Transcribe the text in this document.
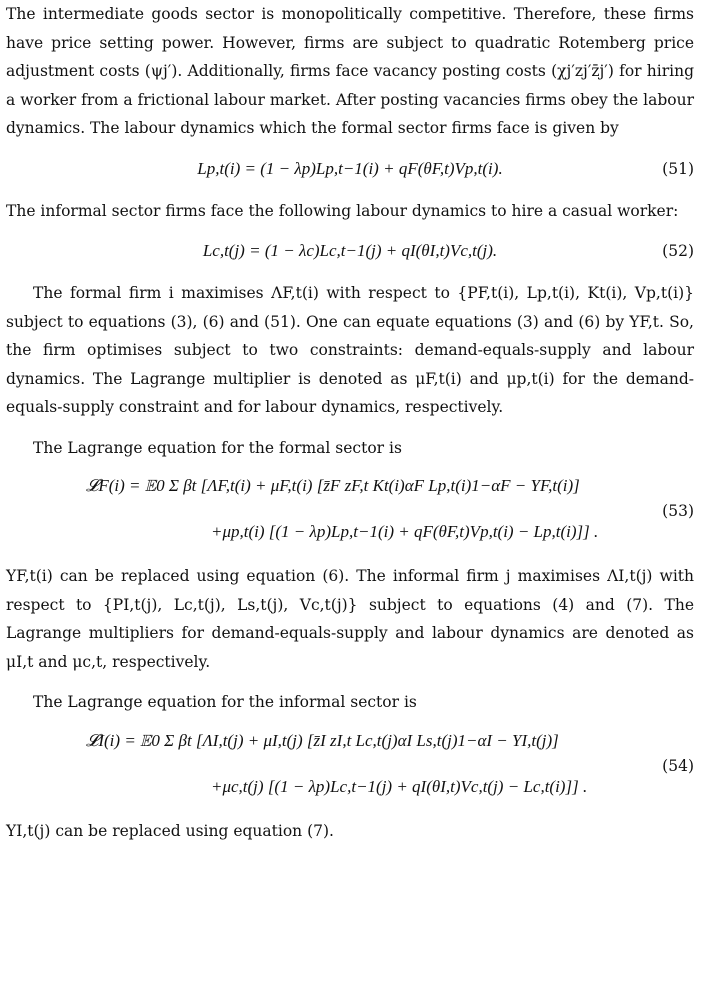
The intermediate goods sector is monopolitically competitive. Therefore, these firms have price setting power. However, firms are subject to quadratic Rotemberg price adjustment costs (ψj′). Additionally, firms face vacancy posting costs (χj′zj′z̄j′) for hiring a worker from a frictional labour market. After posting vacancies firms obey the labour dynamics. The labour dynamics which the formal sector firms face is given by

Lp,t(i) = (1 − λp)Lp,t−1(i) + qF(θF,t)Vp,t(i).	(51)

The informal sector firms face the following labour dynamics to hire a casual worker:

Lc,t(j) = (1 − λc)Lc,t−1(j) + qI(θI,t)Vc,t(j).	(52)

The formal firm i maximises ΛF,t(i) with respect to {PF,t(i), Lp,t(i), Kt(i), Vp,t(i)} subject to equations (3), (6) and (51). One can equate equations (3) and (6) by YF,t. So, the firm optimises subject to two constraints: demand-equals-supply and labour dynamics. The Lagrange multiplier is denoted as μF,t(i) and μp,t(i) for the demand-equals-supply constraint and for labour dynamics, respectively.

The Lagrange equation for the formal sector is

𝓛F(i) = 𝔼0 Σ βt [ΛF,t(i) + μF,t(i) [z̄F zF,t Kt(i)αF Lp,t(i)1−αF − YF,t(i)]
+μp,t(i) [(1 − λp)Lp,t−1(i) + qF(θF,t)Vp,t(i) − Lp,t(i)]] .
(53)

YF,t(i) can be replaced using equation (6). The informal firm j maximises ΛI,t(j) with respect to {PI,t(j), Lc,t(j), Ls,t(j), Vc,t(j)} subject to equations (4) and (7). The Lagrange multipliers for demand-equals-supply and labour dynamics are denoted as μI,t and μc,t, respectively.

The Lagrange equation for the informal sector is

𝓛I(i) = 𝔼0 Σ βt [ΛI,t(j) + μI,t(j) [z̄I zI,t Lc,t(j)αI Ls,t(j)1−αI − YI,t(j)]
+μc,t(j) [(1 − λp)Lc,t−1(j) + qI(θI,t)Vc,t(j) − Lc,t(i)]] .
(54)

YI,t(j) can be replaced using equation (7).
